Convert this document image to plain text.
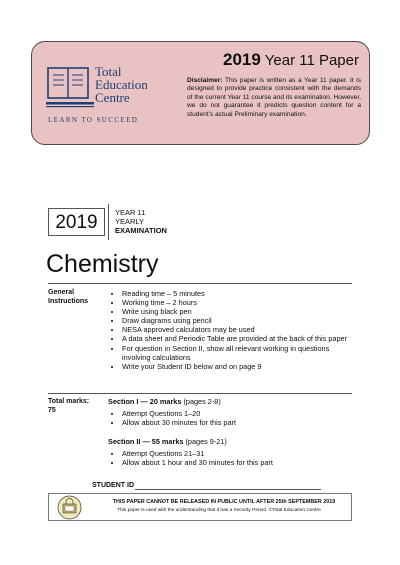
2019 Year 11 Paper
Disclaimer: This paper is written as a Year 11 paper. It is designed to provide practice consistent with the demands of the current Year 11 course and its examination. However, we do not guarantee it predicts question content for a student's actual Preliminary examination.
Total
Education
Centre
LEARN TO SUCCEED
2019	YEAR 11
YEARLY
EXAMINATION
Chemistry
General
Instructions
• Reading time – 5 minutes
• Working time – 2 hours
• Write using black pen
• Draw diagrams using pencil
• NESA approved calculators may be used
• A data sheet and Periodic Table are provided at the back of this paper
• For question in Section II, show all relevant working in questions involving calculations
• Write your Student ID below and on page 9
Total marks:
75
Section I — 20 marks (pages 2-8)
• Attempt Questions 1–20
• Allow about 30 minutes for this part
Section II — 55 marks (pages 9-21)
• Attempt Questions 21–31
• Allow about 1 hour and 30 minutes for this part
STUDENT ID
THIS PAPER CANNOT BE RELEASED IN PUBLIC UNTIL AFTER 25th SEPTEMBER 2019
This paper is used with the understanding that it has a Security Period. ©Total Education Centre
